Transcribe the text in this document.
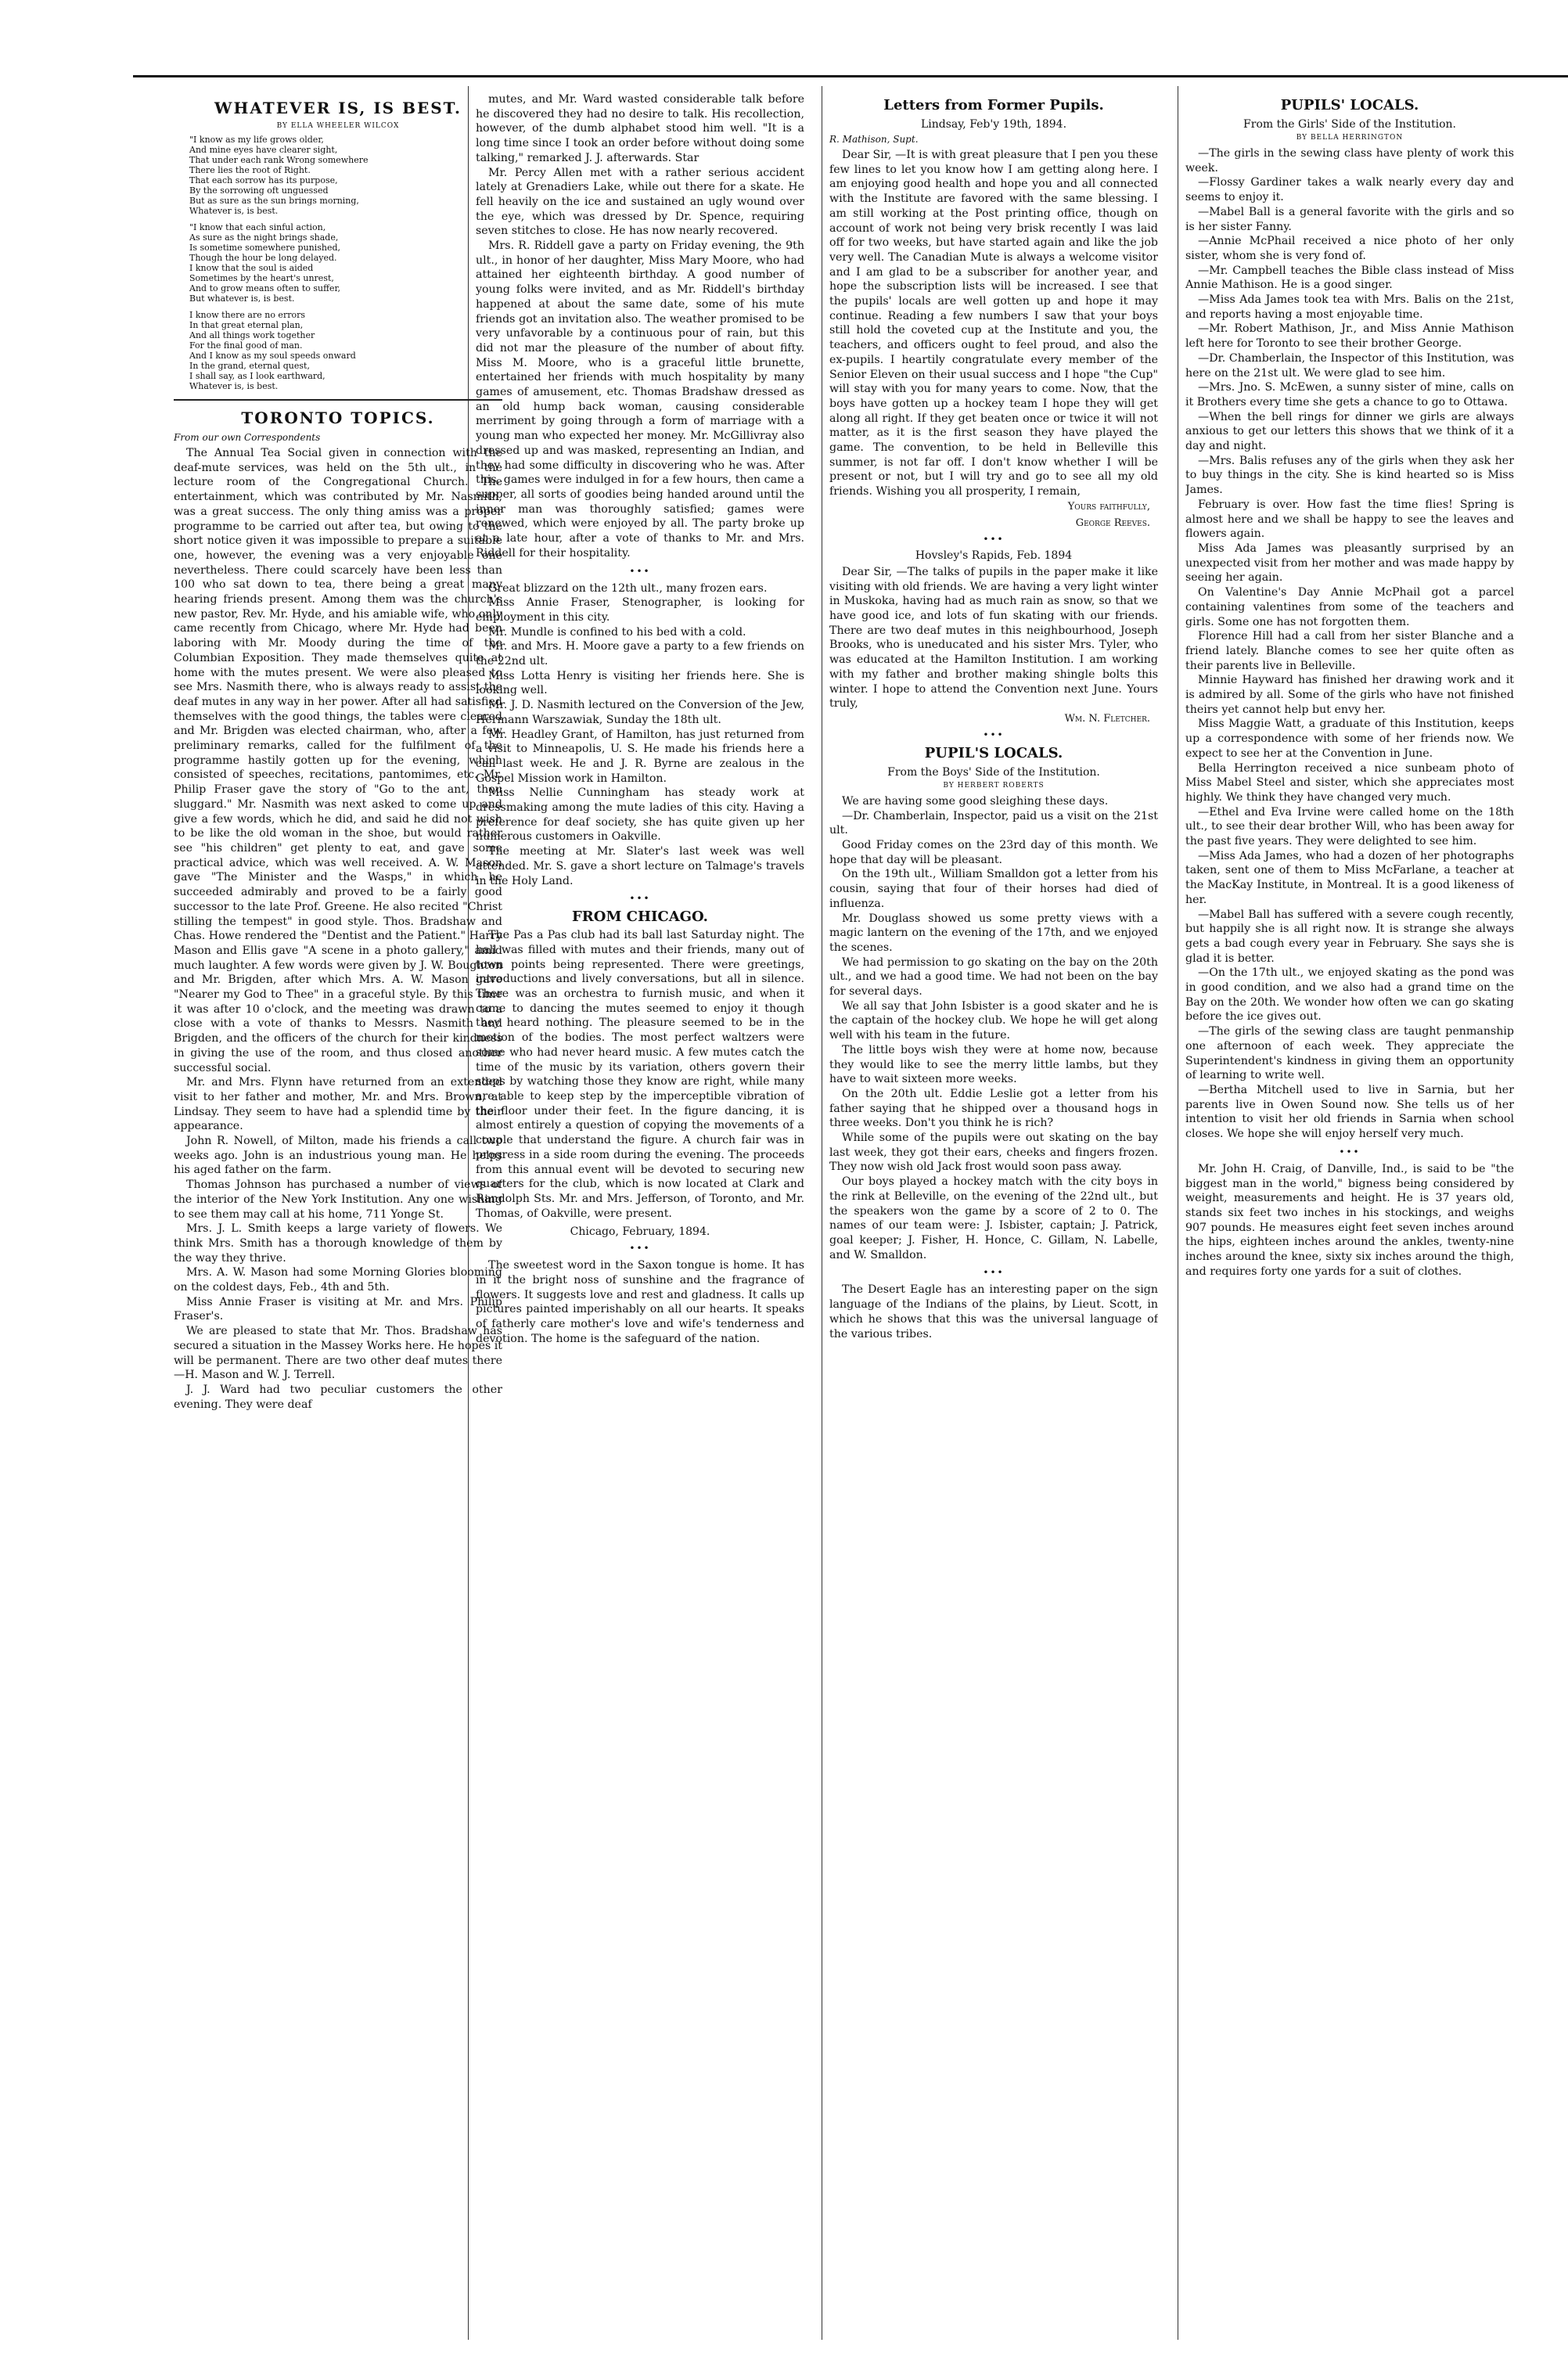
WHATEVER IS, IS BEST.
BY ELLA WHEELER WILCOX

"I know as my life grows older,
And mine eyes have clearer sight,
That under each rank Wrong somewhere
There lies the root of Right.
That each sorrow has its purpose,
By the sorrowing oft unguessed
But as sure as the sun brings morning,
Whatever is, is best.

"I know that each sinful action,
As sure as the night brings shade,
Is sometime somewhere punished,
Though the hour be long delayed.
I know that the soul is aided
Sometimes by the heart's unrest,
And to grow means often to suffer,
But whatever is, is best.

I know there are no errors
In that great eternal plan,
And all things work together
For the final good of man.
And I know as my soul speeds onward
In the grand, eternal quest,
I shall say, as I look earthward,
Whatever is, is best.

TORONTO TOPICS.
From our own Correspondents

The Annual Tea Social given in connection with the deaf-mute services, was held on the 5th ult., in the lecture room of the Congregational Church. The entertainment, which was contributed by Mr. Nasmith, was a great success. The only thing amiss was a proper programme to be carried out after tea, but owing to the short notice given it was impossible to prepare a suitable one, however, the evening was a very enjoyable one nevertheless. There could scarcely have been less than 100 who sat down to tea, there being a great many hearing friends present. Among them was the church's new pastor, Rev. Mr. Hyde, and his amiable wife, who only came recently from Chicago, where Mr. Hyde had been laboring with Mr. Moody during the time of the Columbian Exposition. They made themselves quite at home with the mutes present. We were also pleased to see Mrs. Nasmith there, who is always ready to assist the deaf mutes in any way in her power. After all had satisfied themselves with the good things, the tables were cleared and Mr. Brigden was elected chairman, who, after a few preliminary remarks, called for the fulfilment of the programme hastily gotten up for the evening, which consisted of speeches, recitations, pantomimes, etc. Mr. Philip Fraser gave the story of "Go to the ant, thou sluggard." Mr. Nasmith was next asked to come up and give a few words, which he did, and said he did not wish to be like the old woman in the shoe, but would rather see "his children" get plenty to eat, and gave some practical advice, which was well received. A. W. Mason gave "The Minister and the Wasps," in which he succeeded admirably and proved to be a fairly good successor to the late Prof. Greene. He also recited "Christ stilling the tempest" in good style. Thos. Bradshaw and Chas. Howe rendered the "Dentist and the Patient." Harry Mason and Ellis gave "A scene in a photo gallery," amid much laughter. A few words were given by J. W. Boughton and Mr. Brigden, after which Mrs. A. W. Mason gave "Nearer my God to Thee" in a graceful style. By this time it was after 10 o'clock, and the meeting was drawn to a close with a vote of thanks to Messrs. Nasmith and Brigden, and the officers of the church for their kindness in giving the use of the room, and thus closed another successful social.

Mr. and Mrs. Flynn have returned from an extended visit to her father and mother, Mr. and Mrs. Brown, at Lindsay. They seem to have had a splendid time by their appearance.

John R. Nowell, of Milton, made his friends a call two weeks ago. John is an industrious young man. He helps his aged father on the farm.

Thomas Johnson has purchased a number of views of the interior of the New York Institution. Any one wishing to see them may call at his home, 711 Yonge St.

Mrs. J. L. Smith keeps a large variety of flowers. We think Mrs. Smith has a thorough knowledge of them by the way they thrive.

Mrs. A. W. Mason had some Morning Glories blooming on the coldest days, Feb., 4th and 5th.

Miss Annie Fraser is visiting at Mr. and Mrs. Philip Fraser's.

We are pleased to state that Mr. Thos. Bradshaw has secured a situation in the Massey Works here. He hopes it will be permanent. There are two other deaf mutes there—H. Mason and W. J. Terrell.

J. J. Ward had two peculiar customers the other evening. They were deaf

mutes, and Mr. Ward wasted considerable talk before he discovered they had no desire to talk. His recollection, however, of the dumb alphabet stood him well. "It is a long time since I took an order before without doing some talking," remarked J. J. afterwards. Star

Mr. Percy Allen met with a rather serious accident lately at Grenadiers Lake, while out there for a skate. He fell heavily on the ice and sustained an ugly wound over the eye, which was dressed by Dr. Spence, requiring seven stitches to close. He has now nearly recovered.

Mrs. R. Riddell gave a party on Friday evening, the 9th ult., in honor of her daughter, Miss Mary Moore, who had attained her eighteenth birthday. A good number of young folks were invited, and as Mr. Riddell's birthday happened at about the same date, some of his mute friends got an invitation also. The weather promised to be very unfavorable by a continuous pour of rain, but this did not mar the pleasure of the number of about fifty. Miss M. Moore, who is a graceful little brunette, entertained her friends with much hospitality by many games of amusement, etc. Thomas Bradshaw dressed as an old hump back woman, causing considerable merriment by going through a form of marriage with a young man who expected her money. Mr. McGillivray also dressed up and was masked, representing an Indian, and they had some difficulty in discovering who he was. After this, games were indulged in for a few hours, then came a supper, all sorts of goodies being handed around until the inner man was thoroughly satisfied; games were renewed, which were enjoyed by all. The party broke up at a late hour, after a vote of thanks to Mr. and Mrs. Riddell for their hospitality.

•••

Great blizzard on the 12th ult., many frozen ears.

Miss Annie Fraser, Stenographer, is looking for employment in this city.

Mr. Mundle is confined to his bed with a cold.

Mr. and Mrs. H. Moore gave a party to a few friends on the 22nd ult.

Miss Lotta Henry is visiting her friends here. She is looking well.

Mr. J. D. Nasmith lectured on the Conversion of the Jew, Hermann Warszawiak, Sunday the 18th ult.

Mr. Headley Grant, of Hamilton, has just returned from a visit to Minneapolis, U. S. He made his friends here a call last week. He and J. R. Byrne are zealous in the Gospel Mission work in Hamilton.

Miss Nellie Cunningham has steady work at dressmaking among the mute ladies of this city. Having a preference for deaf society, she has quite given up her numerous customers in Oakville.

The meeting at Mr. Slater's last week was well attended. Mr. S. gave a short lecture on Talmage's travels in the Holy Land.

•••
FROM CHICAGO.

The Pas a Pas club had its ball last Saturday night. The hall was filled with mutes and their friends, many out of town points being represented. There were greetings, introductions and lively conversations, but all in silence. There was an orchestra to furnish music, and when it came to dancing the mutes seemed to enjoy it though they heard nothing. The pleasure seemed to be in the motion of the bodies. The most perfect waltzers were some who had never heard music. A few mutes catch the time of the music by its variation, others govern their steps by watching those they know are right, while many are able to keep step by the imperceptible vibration of the floor under their feet. In the figure dancing, it is almost entirely a question of copying the movements of a couple that understand the figure. A church fair was in progress in a side room during the evening. The proceeds from this annual event will be devoted to securing new quarters for the club, which is now located at Clark and Randolph Sts. Mr. and Mrs. Jefferson, of Toronto, and Mr. Thomas, of Oakville, were present.

Chicago, February, 1894.
•••

The sweetest word in the Saxon tongue is home. It has in it the bright noss of sunshine and the fragrance of flowers. It suggests love and rest and gladness. It calls up pictures painted imperishably on all our hearts. It speaks of fatherly care mother's love and wife's tenderness and devotion. The home is the safeguard of the nation.

Letters from Former Pupils.
Lindsay, Feb'y 19th, 1894.
R. Mathison, Supt.

Dear Sir, —It is with great pleasure that I pen you these few lines to let you know how I am getting along here. I am enjoying good health and hope you and all connected with the Institute are favored with the same blessing. I am still working at the Post printing office, though on account of work not being very brisk recently I was laid off for two weeks, but have started again and like the job very well. The Canadian Mute is always a welcome visitor and I am glad to be a subscriber for another year, and hope the subscription lists will be increased. I see that the pupils' locals are well gotten up and hope it may continue. Reading a few numbers I saw that your boys still hold the coveted cup at the Institute and you, the teachers, and officers ought to feel proud, and also the ex-pupils. I heartily congratulate every member of the Senior Eleven on their usual success and I hope "the Cup" will stay with you for many years to come. Now, that the boys have gotten up a hockey team I hope they will get along all right. If they get beaten once or twice it will not matter, as it is the first season they have played the game. The convention, to be held in Belleville this summer, is not far off. I don't know whether I will be present or not, but I will try and go to see all my old friends. Wishing you all prosperity, I remain,

Yours faithfully,
George Reeves.
•••
Hovsley's Rapids, Feb. 1894

Dear Sir, —The talks of pupils in the paper make it like visiting with old friends. We are having a very light winter in Muskoka, having had as much rain as snow, so that we have good ice, and lots of fun skating with our friends. There are two deaf mutes in this neighbourhood, Joseph Brooks, who is uneducated and his sister Mrs. Tyler, who was educated at the Hamilton Institution. I am working with my father and brother making shingle bolts this winter. I hope to attend the Convention next June. Yours truly,

Wm. N. Fletcher.
•••
PUPIL'S LOCALS.
From the Boys' Side of the Institution.
BY HERBERT ROBERTS

We are having some good sleighing these days.

—Dr. Chamberlain, Inspector, paid us a visit on the 21st ult.

Good Friday comes on the 23rd day of this month. We hope that day will be pleasant.

On the 19th ult., William Smalldon got a letter from his cousin, saying that four of their horses had died of influenza.

Mr. Douglass showed us some pretty views with a magic lantern on the evening of the 17th, and we enjoyed the scenes.

We had permission to go skating on the bay on the 20th ult., and we had a good time. We had not been on the bay for several days.

We all say that John Isbister is a good skater and he is the captain of the hockey club. We hope he will get along well with his team in the future.

The little boys wish they were at home now, because they would like to see the merry little lambs, but they have to wait sixteen more weeks.

On the 20th ult. Eddie Leslie got a letter from his father saying that he shipped over a thousand hogs in three weeks. Don't you think he is rich?

While some of the pupils were out skating on the bay last week, they got their ears, cheeks and fingers frozen. They now wish old Jack frost would soon pass away.

Our boys played a hockey match with the city boys in the rink at Belleville, on the evening of the 22nd ult., but the speakers won the game by a score of 2 to 0. The names of our team were: J. Isbister, captain; J. Patrick, goal keeper; J. Fisher, H. Honce, C. Gillam, N. Labelle, and W. Smalldon.

•••

The Desert Eagle has an interesting paper on the sign language of the Indians of the plains, by Lieut. Scott, in which he shows that this was the universal language of the various tribes.

PUPILS' LOCALS.
From the Girls' Side of the Institution.
BY BELLA HERRINGTON

—The girls in the sewing class have plenty of work this week.

—Flossy Gardiner takes a walk nearly every day and seems to enjoy it.

—Mabel Ball is a general favorite with the girls and so is her sister Fanny.

—Annie McPhail received a nice photo of her only sister, whom she is very fond of.

—Mr. Campbell teaches the Bible class instead of Miss Annie Mathison. He is a good singer.

—Miss Ada James took tea with Mrs. Balis on the 21st, and reports having a most enjoyable time.

—Mr. Robert Mathison, Jr., and Miss Annie Mathison left here for Toronto to see their brother George.

—Dr. Chamberlain, the Inspector of this Institution, was here on the 21st ult. We were glad to see him.

—Mrs. Jno. S. McEwen, a sunny sister of mine, calls on it Brothers every time she gets a chance to go to Ottawa.

—When the bell rings for dinner we girls are always anxious to get our letters this shows that we think of it a day and night.

—Mrs. Balis refuses any of the girls when they ask her to buy things in the city. She is kind hearted so is Miss James.

February is over. How fast the time flies! Spring is almost here and we shall be happy to see the leaves and flowers again.

Miss Ada James was pleasantly surprised by an unexpected visit from her mother and was made happy by seeing her again.

On Valentine's Day Annie McPhail got a parcel containing valentines from some of the teachers and girls. Some one has not forgotten them.

Florence Hill had a call from her sister Blanche and a friend lately. Blanche comes to see her quite often as their parents live in Belleville.

Minnie Hayward has finished her drawing work and it is admired by all. Some of the girls who have not finished theirs yet cannot help but envy her.

Miss Maggie Watt, a graduate of this Institution, keeps up a correspondence with some of her friends now. We expect to see her at the Convention in June.

Bella Herrington received a nice sunbeam photo of Miss Mabel Steel and sister, which she appreciates most highly. We think they have changed very much.

—Ethel and Eva Irvine were called home on the 18th ult., to see their dear brother Will, who has been away for the past five years. They were delighted to see him.

—Miss Ada James, who had a dozen of her photographs taken, sent one of them to Miss McFarlane, a teacher at the MacKay Institute, in Montreal. It is a good likeness of her.

—Mabel Ball has suffered with a severe cough recently, but happily she is all right now. It is strange she always gets a bad cough every year in February. She says she is glad it is better.

—On the 17th ult., we enjoyed skating as the pond was in good condition, and we also had a grand time on the Bay on the 20th. We wonder how often we can go skating before the ice gives out.

—The girls of the sewing class are taught penmanship one afternoon of each week. They appreciate the Superintendent's kindness in giving them an opportunity of learning to write well.

—Bertha Mitchell used to live in Sarnia, but her parents live in Owen Sound now. She tells us of her intention to visit her old friends in Sarnia when school closes. We hope she will enjoy herself very much.

•••

Mr. John H. Craig, of Danville, Ind., is said to be "the biggest man in the world," bigness being considered by weight, measurements and height. He is 37 years old, stands six feet two inches in his stockings, and weighs 907 pounds. He measures eight feet seven inches around the hips, eighteen inches around the ankles, twenty-nine inches around the knee, sixty six inches around the thigh, and requires forty one yards for a suit of clothes.
